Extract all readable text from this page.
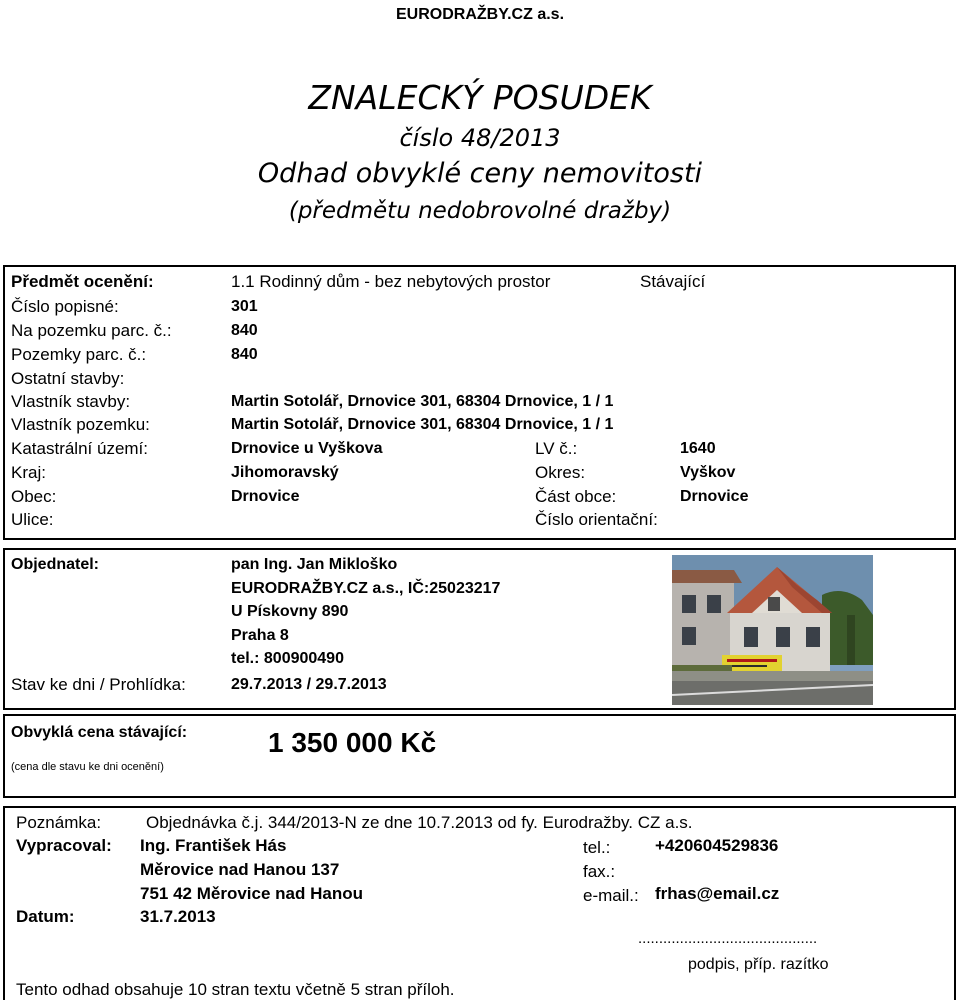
EURODRAŽBY.CZ a.s.
ZNALECKÝ POSUDEK
číslo 48/2013
Odhad obvyklé ceny nemovitosti
(předmětu nedobrovolné dražby)
Předmět ocenění:	1.1 Rodinný dům - bez nebytových prostor	Stávající
Číslo popisné:	301
Na pozemku parc. č.:	840
Pozemky parc. č.:	840
Ostatní stavby:
Vlastník stavby:	Martin Sotolář, Drnovice 301, 68304 Drnovice, 1 / 1
Vlastník pozemku:	Martin Sotolář, Drnovice 301, 68304 Drnovice, 1 / 1
Katastrální území:	Drnovice u Vyškova	LV č.:	1640
Kraj:	Jihomoravský	Okres:	Vyškov
Obec:	Drnovice	Část obce:	Drnovice
Ulice:	Číslo orientační:
Objednatel:	pan Ing. Jan Mikloško
EURODRAŽBY.CZ a.s., IČ:25023217
U Pískovny 890
Praha 8
tel.: 800900490
Stav ke dni / Prohlídka:	29.7.2013 / 29.7.2013
Obvyklá cena stávající:
(cena dle stavu ke dni ocenění)
1 350 000 Kč
Poznámka:	Objednávka č.j. 344/2013-N ze dne 10.7.2013 od fy. Eurodražby. CZ a.s.
Vypracoval: Ing. František Hás
Měrovice nad Hanou 137
751 42 Měrovice nad Hanou
tel.:	+420604529836
fax.:
e-mail.: frhas@email.cz
Datum:	31.7.2013
...........................................
podpis, příp. razítko
Tento odhad obsahuje 10 stran textu včetně 5 stran příloh.
